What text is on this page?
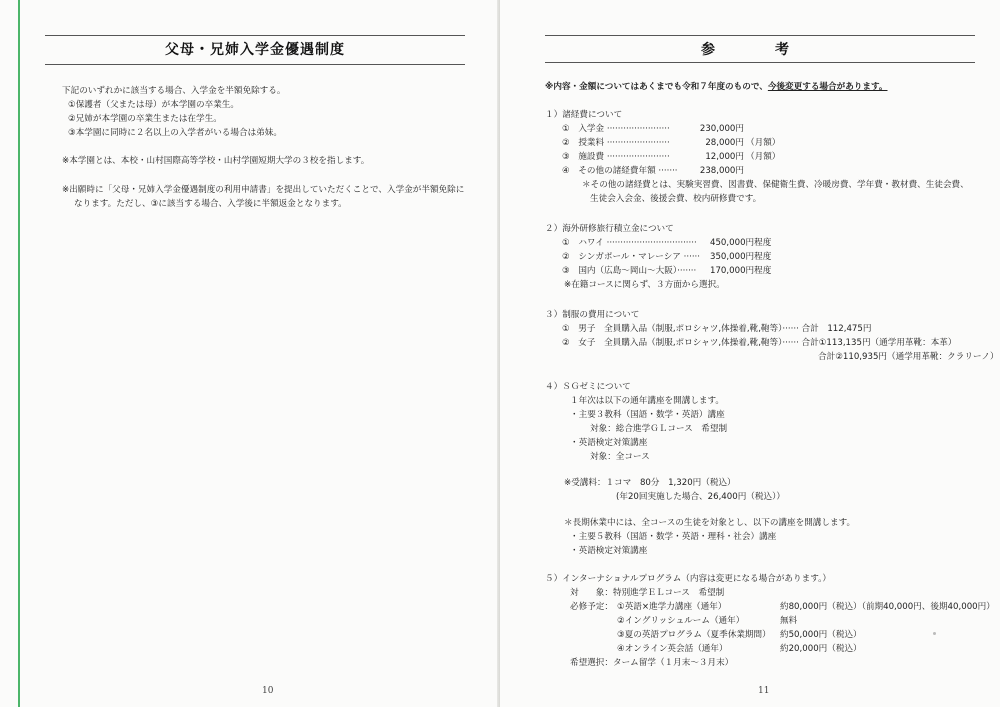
父母・兄姉入学金優遇制度
下記のいずれかに該当する場合、入学金を半額免除する。
①保護者（父または母）が本学園の卒業生。
②兄姉が本学園の卒業生または在学生。
③本学園に同時に２名以上の入学者がいる場合は弟妹。
※本学園とは、本校・山村国際高等学校・山村学園短期大学の３校を指します。
※出願時に「父母・兄姉入学金優遇制度の利用申請書」を提出していただくことで、入学金が半額免除に
なります。ただし、③に該当する場合、入学後に半額返金となります。
10
参考
※内容・金額についてはあくまでも令和７年度のもので、今後変更する場合があります。
１）諸経費について
①　 入学金 ·······················	230,000円
②　 授業料 ·······················	28,000円 （月額）
③　 施設費 ·······················	12,000円 （月額）
④　 その他の諸経費年額 ·······	238,000円
＊その他の諸経費とは、実験実習費、図書費、保健衛生費、冷暖房費、学年費・教材費、生徒会費、
生徒会入会金、後援会費、校内研修費です。
２）海外研修旅行積立金について
①　 ハワイ ································· 450,000円程度
②　 シンガポール・マレーシア ······ 350,000円程度
③　 国内（広島〜岡山〜大阪）······· 170,000円程度
※在籍コースに関らず、３方面から選択。
３）制服の費用について
①　男子　全員購入品（制服,ポロシャツ,体操着,靴,鞄等）······ 合計　112,475円
②　女子　全員購入品（制服,ポロシャツ,体操着,靴,鞄等）······ 合計①113,135円（通学用革靴：本革）
合計②110,935円（通学用革靴：クラリーノ）
４）ＳＧゼミについて
１年次は以下の通年講座を開講します。
・主要３教科（国語・数学・英語）講座
対象：総合進学ＧＬコース　希望制
・英語検定対策講座
対象：全コース
※受講料：１コマ　80分　1,320円（税込）
(年20回実施した場合、26,400円（税込））
＊長期休業中には、全コースの生徒を対象とし、以下の講座を開講します。
・主要５教科（国語・数学・英語・理科・社会）講座
・英語検定対策講座
５）インターナショナルプログラム（内容は変更になる場合があります。）
対　　象：特別進学ＥＬコース　希望制
必修予定： ①英語×進学力講座（通年）	約80,000円（税込）（前期40,000円、後期40,000円）
②イングリッシュルーム（通年）	無料
③夏の英語プログラム（夏季休業期間） 約50,000円（税込）
④オンライン英会話（通年）	約20,000円（税込）
希望選択：ターム留学（１月末〜３月末）
11
